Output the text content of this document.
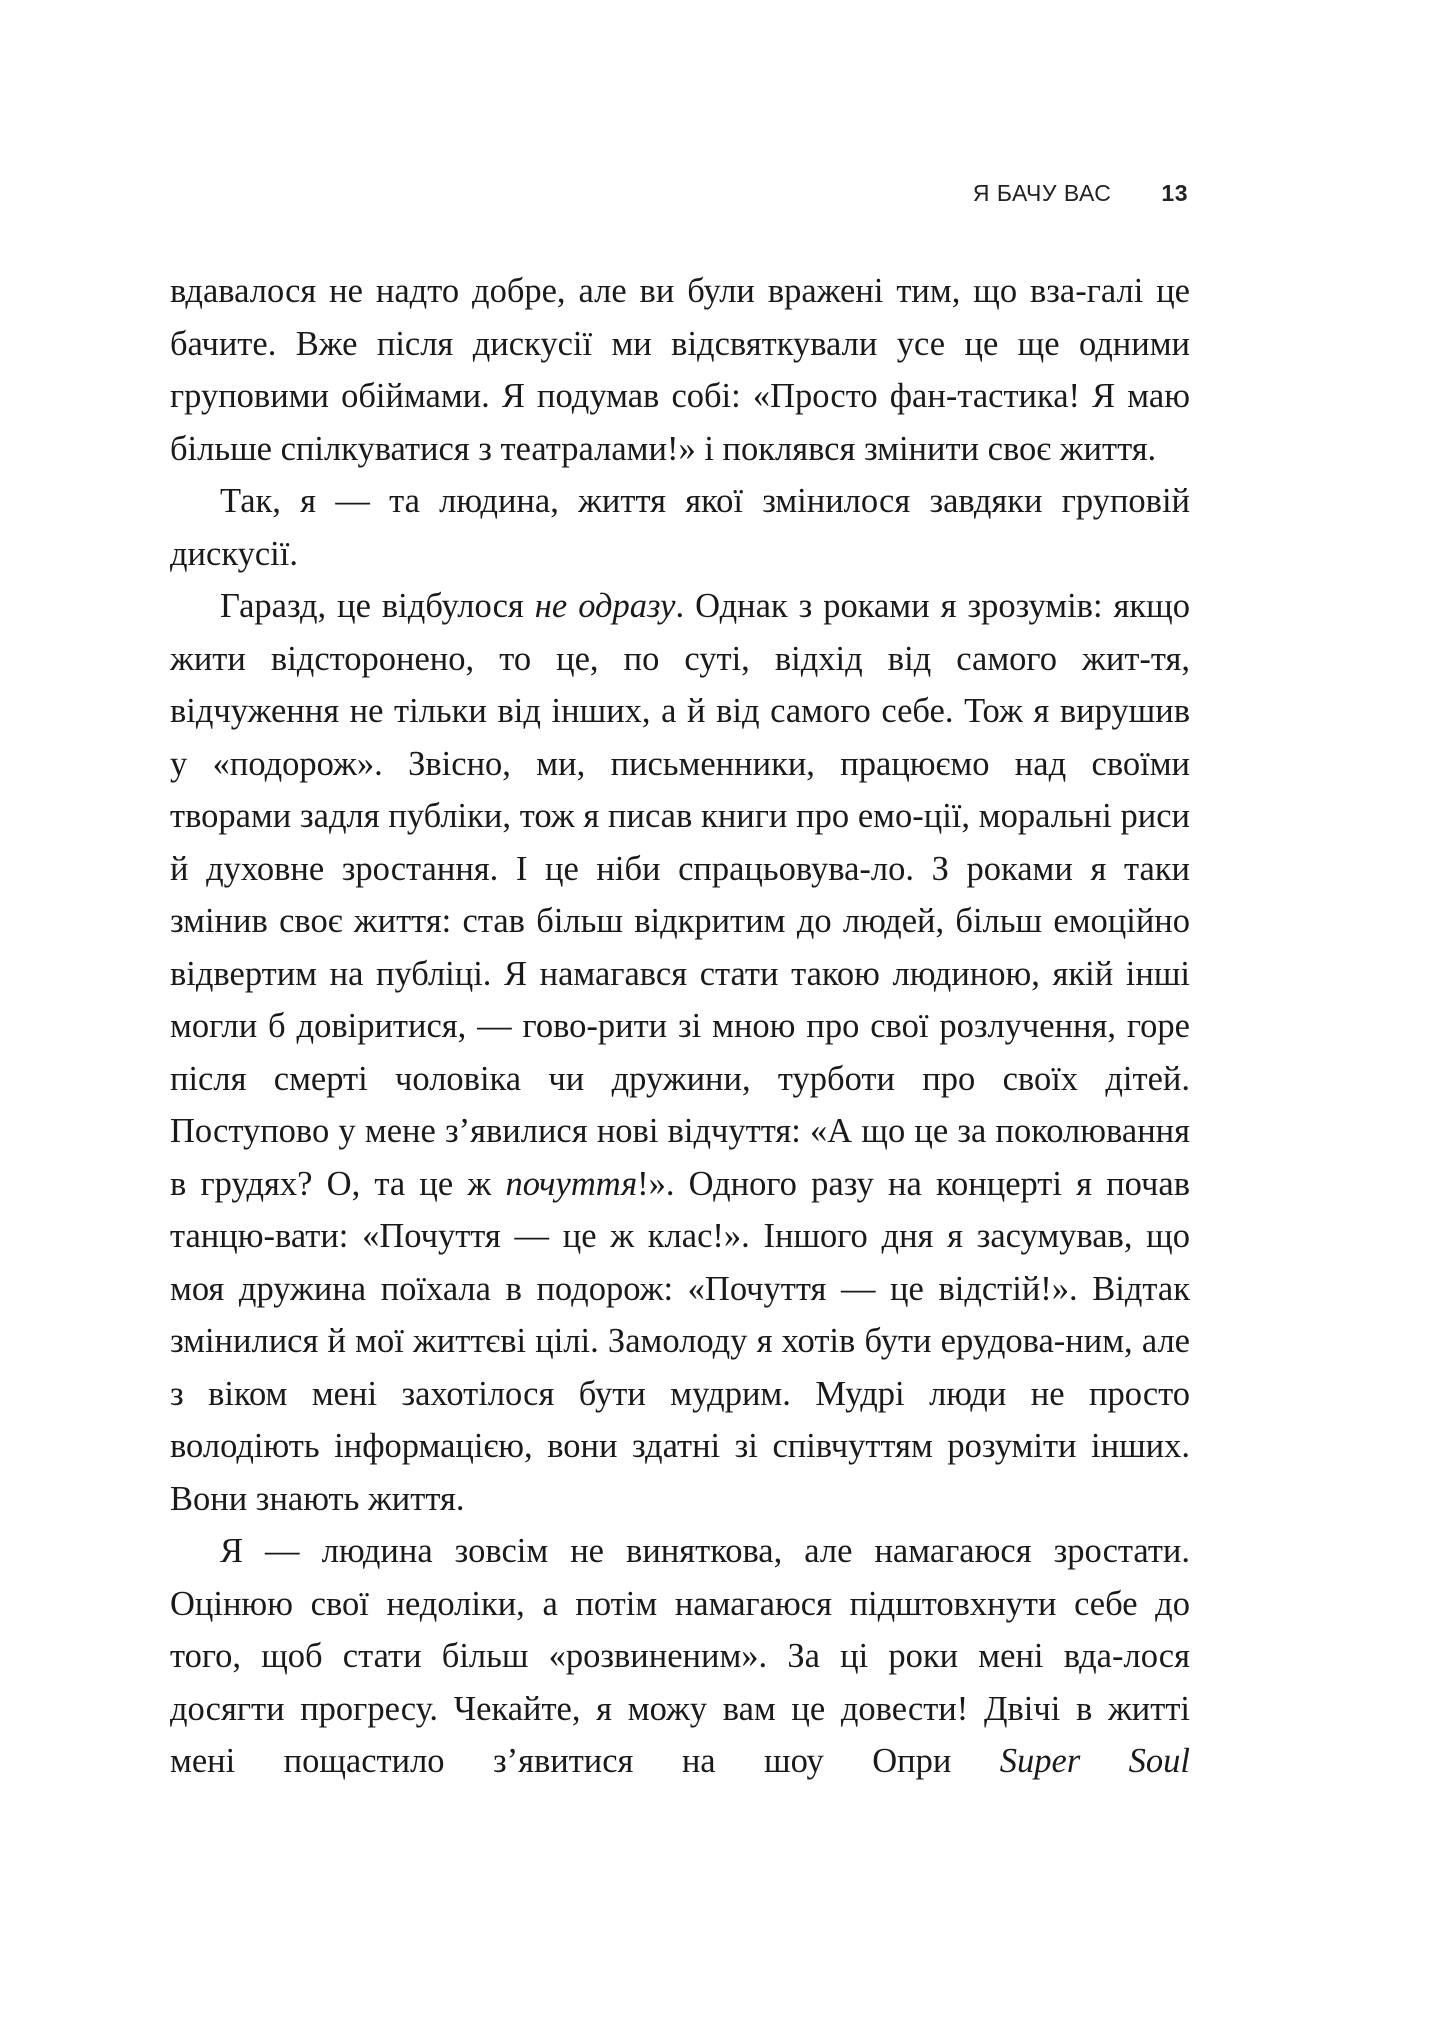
Я БАЧУ ВАС 13

вдавалося не надто добре, але ви були вражені тим, що вза-галі це бачите. Вже після дискусії ми відсвяткували усе це ще одними груповими обіймами. Я подумав собі: «Просто фан-тастика! Я маю більше спілкуватися з театралами!» і поклявся змінити своє життя.

Так, я — та людина, життя якої змінилося завдяки груповій дискусії.

Гаразд, це відбулося не одразу. Однак з роками я зрозумів: якщо жити відсторонено, то це, по суті, відхід від самого жит-тя, відчуження не тільки від інших, а й від самого себе. Тож я вирушив у «подорож». Звісно, ми, письменники, працюємо над своїми творами задля публіки, тож я писав книги про емо-ції, моральні риси й духовне зростання. І це ніби спрацьовува-ло. З роками я таки змінив своє життя: став більш відкритим до людей, більш емоційно відвертим на публіці. Я намагався стати такою людиною, якій інші могли б довіритися, — гово-рити зі мною про свої розлучення, горе після смерті чоловіка чи дружини, турботи про своїх дітей. Поступово у мене з’явилися нові відчуття: «А що це за поколювання в грудях? О, та це ж почуття!». Одного разу на концерті я почав танцю-вати: «Почуття — це ж клас!». Іншого дня я засумував, що моя дружина поїхала в подорож: «Почуття — це відстій!». Відтак змінилися й мої життєві цілі. Замолоду я хотів бути ерудова-ним, але з віком мені захотілося бути мудрим. Мудрі люди не просто володіють інформацією, вони здатні зі співчуттям розуміти інших. Вони знають життя.

Я — людина зовсім не виняткова, але намагаюся зростати. Оцінюю свої недоліки, а потім намагаюся підштовхнути себе до того, щоб стати більш «розвиненим». За ці роки мені вда-лося досягти прогресу. Чекайте, я можу вам це довести! Двічі в житті мені пощастило з’явитися на шоу Опри Super Soul
